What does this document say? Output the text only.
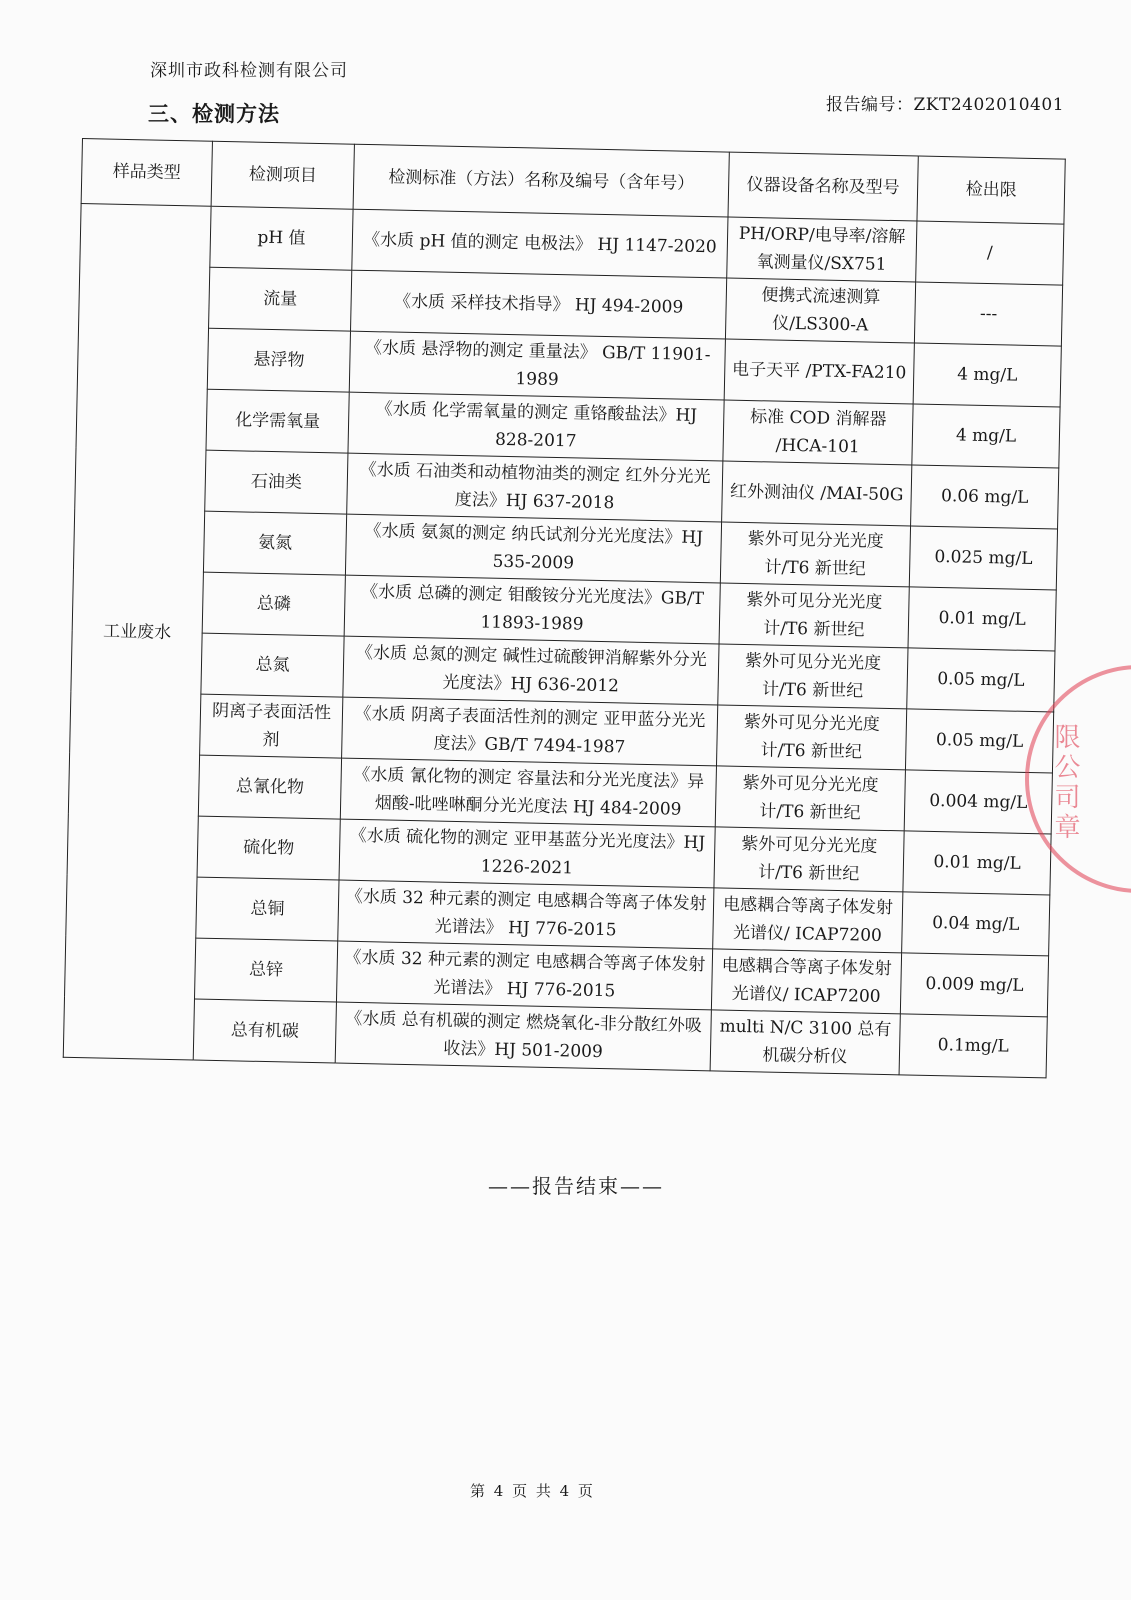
深圳市政科检测有限公司
三、检测方法	报告编号：ZKT2402010401
样品类型	检测项目	检测标准（方法）名称及编号（含年号）	仪器设备名称及型号	检出限
工业废水	pH 值	《水质 pH 值的测定 电极法》 HJ 1147-2020	PH/ORP/电导率/溶解氧测量仪/SX751	/
	流量	《水质 采样技术指导》 HJ 494-2009	便携式流速测算仪/LS300-A	---
	悬浮物	《水质 悬浮物的测定 重量法》 GB/T 11901-1989	电子天平 /PTX-FA210	4 mg/L
	化学需氧量	《水质 化学需氧量的测定 重铬酸盐法》HJ 828-2017	标准 COD 消解器 /HCA-101	4 mg/L
	石油类	《水质 石油类和动植物油类的测定 红外分光光度法》HJ 637-2018	红外测油仪 /MAI-50G	0.06 mg/L
	氨氮	《水质 氨氮的测定 纳氏试剂分光光度法》HJ 535-2009	紫外可见分光光度计/T6 新世纪	0.025 mg/L
	总磷	《水质 总磷的测定 钼酸铵分光光度法》GB/T 11893-1989	紫外可见分光光度计/T6 新世纪	0.01 mg/L
	总氮	《水质 总氮的测定 碱性过硫酸钾消解紫外分光光度法》HJ 636-2012	紫外可见分光光度计/T6 新世纪	0.05 mg/L
	阴离子表面活性剂	《水质 阴离子表面活性剂的测定 亚甲蓝分光光度法》GB/T 7494-1987	紫外可见分光光度计/T6 新世纪	0.05 mg/L
	总氰化物	《水质 氰化物的测定 容量法和分光光度法》异烟酸-吡唑啉酮分光光度法 HJ 484-2009	紫外可见分光光度计/T6 新世纪	0.004 mg/L
	硫化物	《水质 硫化物的测定 亚甲基蓝分光光度法》HJ 1226-2021	紫外可见分光光度计/T6 新世纪	0.01 mg/L
	总铜	《水质 32 种元素的测定 电感耦合等离子体发射光谱法》 HJ 776-2015	电感耦合等离子体发射光谱仪/ ICAP7200	0.04 mg/L
	总锌	《水质 32 种元素的测定 电感耦合等离子体发射光谱法》 HJ 776-2015	电感耦合等离子体发射光谱仪/ ICAP7200	0.009 mg/L
	总有机碳	《水质 总有机碳的测定 燃烧氧化-非分散红外吸收法》HJ 501-2009	multi N/C 3100 总有机碳分析仪	0.1mg/L
——报告结束——
第 4 页 共 4 页
限公司章
